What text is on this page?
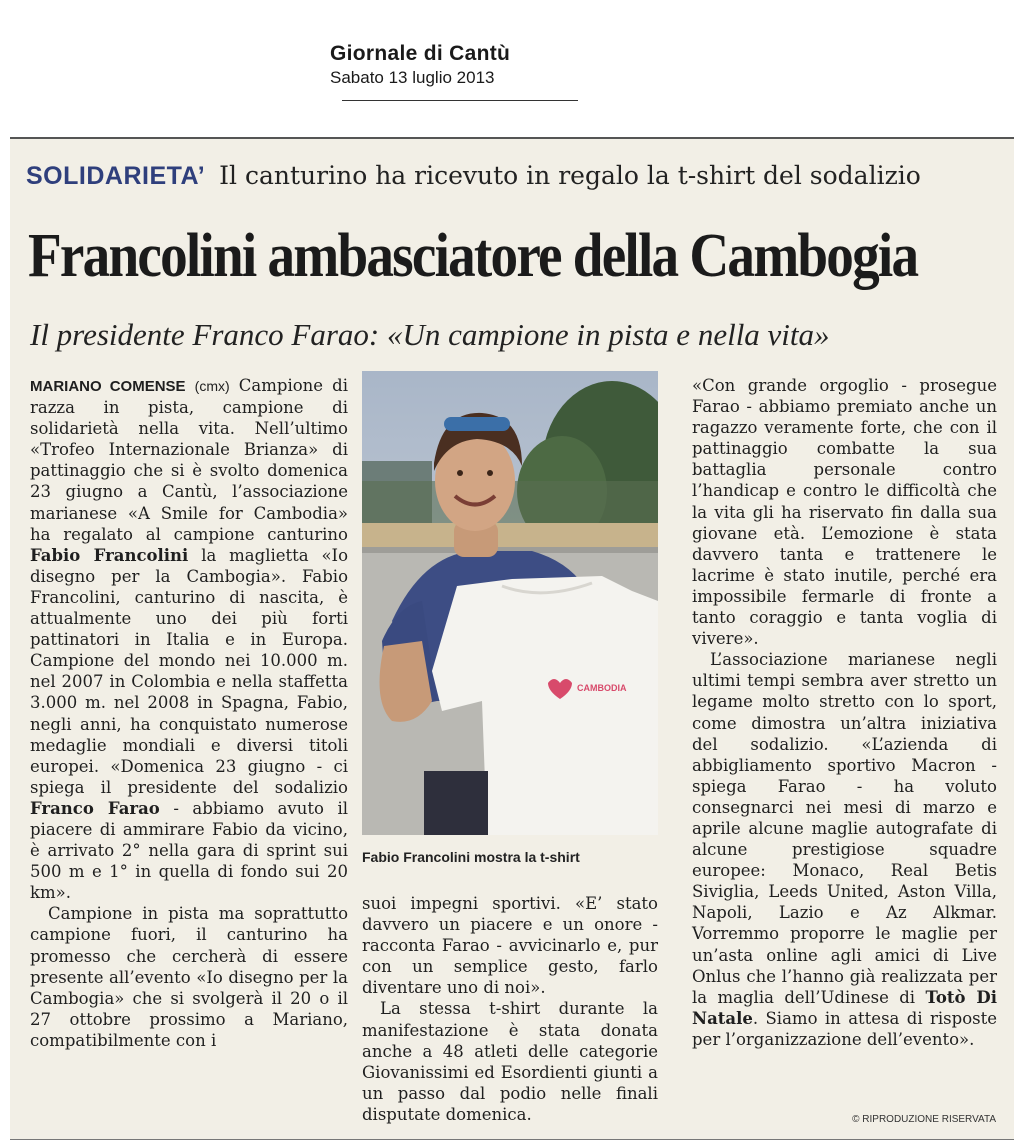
Giornale di Cantù
Sabato 13 luglio 2013
SOLIDARIETA’ Il canturino ha ricevuto in regalo la t-shirt del sodalizio
Francolini ambasciatore della Cambogia
Il presidente Franco Farao: «Un campione in pista e nella vita»

MARIANO COMENSE (cmx) Campione di razza in pista, campione di solidarietà nella vita. Nell’ultimo «Trofeo Internazionale Brianza» di pattinaggio che si è svolto domenica 23 giugno a Cantù, l’associazione marianese «A Smile for Cambodia» ha regalato al campione canturino Fabio Francolini la maglietta «Io disegno per la Cambogia». Fabio Francolini, canturino di nascita, è attualmente uno dei più forti pattinatori in Italia e in Europa. Campione del mondo nei 10.000 m. nel 2007 in Colombia e nella staffetta 3.000 m. nel 2008 in Spagna, Fabio, negli anni, ha conquistato numerose medaglie mondiali e diversi titoli europei. «Domenica 23 giugno - ci spiega il presidente del sodalizio Franco Farao - abbiamo avuto il piacere di ammirare Fabio da vicino, è arrivato 2° nella gara di sprint sui 500 m e 1° in quella di fondo sui 20 km».

Campione in pista ma soprattutto campione fuori, il canturino ha promesso che cercherà di essere presente all’evento «Io disegno per la Cambogia» che si svolgerà il 20 o il 27 ottobre prossimo a Mariano, compatibilmente con i

CAMBODIA
Fabio Francolini mostra la t-shirt

suoi impegni sportivi. «E’ stato davvero un piacere e un onore - racconta Farao - avvicinarlo e, pur con un semplice gesto, farlo diventare uno di noi».

La stessa t-shirt durante la manifestazione è stata donata anche a 48 atleti delle categorie Giovanissimi ed Esordienti giunti a un passo dal podio nelle finali disputate domenica.

«Con grande orgoglio - prosegue Farao - abbiamo premiato anche un ragazzo veramente forte, che con il pattinaggio combatte la sua battaglia personale contro l’handicap e contro le difficoltà che la vita gli ha riservato fin dalla sua giovane età. L’emozione è stata davvero tanta e trattenere le lacrime è stato inutile, perché era impossibile fermarle di fronte a tanto coraggio e tanta voglia di vivere».

L’associazione marianese negli ultimi tempi sembra aver stretto un legame molto stretto con lo sport, come dimostra un’altra iniziativa del sodalizio. «L’azienda di abbigliamento sportivo Macron - spiega Farao - ha voluto consegnarci nei mesi di marzo e aprile alcune maglie autografate di alcune prestigiose squadre europee: Monaco, Real Betis Siviglia, Leeds United, Aston Villa, Napoli, Lazio e Az Alkmar. Vorremmo proporre le maglie per un’asta online agli amici di Live Onlus che l’hanno già realizzata per la maglia dell’Udinese di Totò Di Natale. Siamo in attesa di risposte per l’organizzazione dell’evento».

© RIPRODUZIONE RISERVATA
